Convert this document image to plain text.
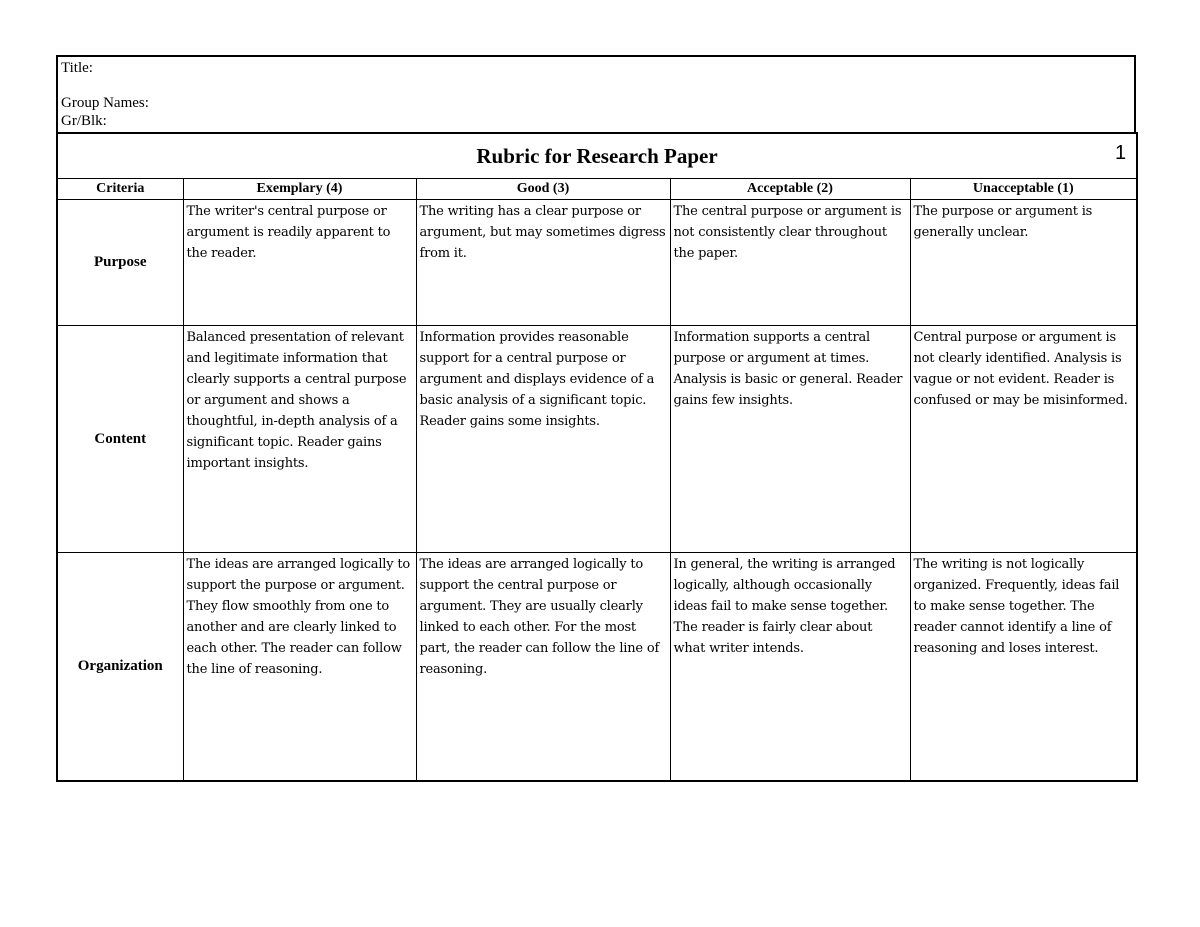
Title:
Group Names:
Gr/Blk:
Rubric for Research Paper 1				

Criteria	Exemplary (4)	Good (3)	Acceptable (2)	Unacceptable (1)
Purpose	The writer's central purpose or argument is readily apparent to the reader.	The writing has a clear purpose or argument, but may sometimes digress from it.	The central purpose or argument is not consistently clear throughout the paper.	The purpose or argument is generally unclear.
Content	Balanced presentation of relevant and legitimate information that clearly supports a central purpose or argument and shows a thoughtful, in-depth analysis of a significant topic. Reader gains important insights.	Information provides reasonable support for a central purpose or argument and displays evidence of a basic analysis of a significant topic. Reader gains some insights.	Information supports a central purpose or argument at times. Analysis is basic or general. Reader gains few insights.	Central purpose or argument is not clearly identified. Analysis is vague or not evident. Reader is confused or may be misinformed.
Organization	The ideas are arranged logically to support the purpose or argument. They flow smoothly from one to another and are clearly linked to each other. The reader can follow the line of reasoning.	The ideas are arranged logically to support the central purpose or argument. They are usually clearly linked to each other. For the most part, the reader can follow the line of reasoning.	In general, the writing is arranged logically, although occasionally ideas fail to make sense together. The reader is fairly clear about what writer intends.	The writing is not logically organized. Frequently, ideas fail to make sense together. The reader cannot identify a line of reasoning and loses interest.
